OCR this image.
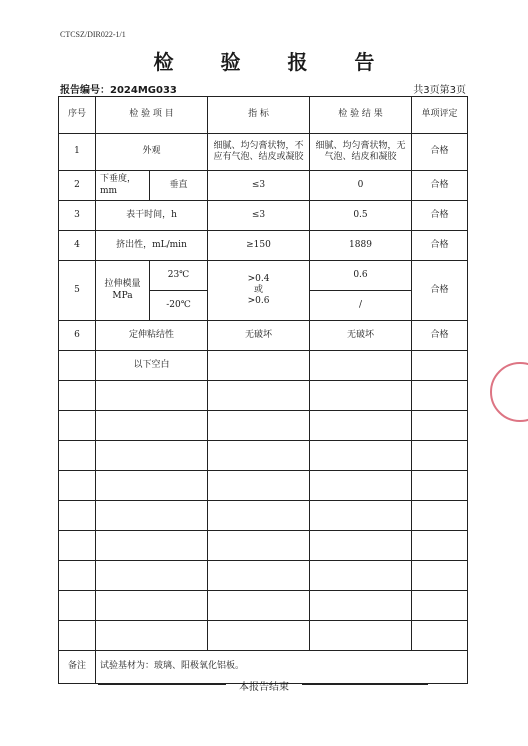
CTCSZ/DIR022-1/1
检 验 报 告
报告编号：2024MG033	共3页第3页
序号	检 验 项 目		指 标	检 验 结 果	单项评定
1	外观		细腻、均匀膏状物，不应有气泡、结皮或凝胶	细腻、均匀膏状物，无气泡、结皮和凝胶	合格
2	下垂度，mm	垂直	≤3	0	合格
3	表干时间，h		≤3	0.5	合格
4	挤出性，mL/min		≥150	1889	合格
5	拉伸模量 MPa	23℃	>0.4
或
>0.6	0.6	合格
		-20℃		/	
6	定伸粘结性		无破坏	无破坏	合格
	以下空白				

备注	试验基材为：玻璃、阳极氧化铝板。				
本报告结束
